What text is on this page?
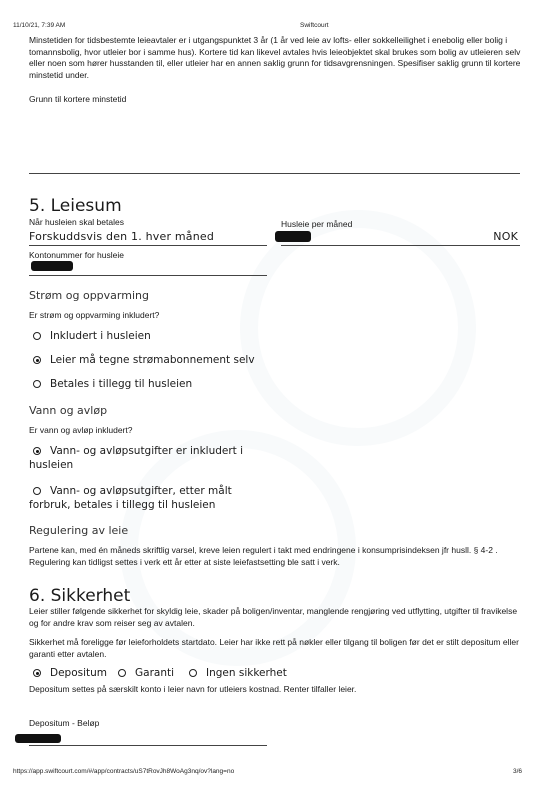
11/10/21, 7:39 AM	Swiftcourt
Minstetiden for tidsbestemte leieavtaler er i utgangspunktet 3 år (1 år ved leie av lofts- eller sokkelleilighet i enebolig eller bolig i tomannsbolig, hvor utleier bor i samme hus). Kortere tid kan likevel avtales hvis leieobjektet skal brukes som bolig av utleieren selv eller noen som hører husstanden til, eller utleier har en annen saklig grunn for tidsavgrensningen. Spesifiser saklig grunn til kortere minstetid under.
Grunn til kortere minstetid
5. Leiesum
Når husleien skal betales
Forskuddsvis den 1. hver måned
Husleie per måned
NOK
Kontonummer for husleie
Strøm og oppvarming
Er strøm og oppvarming inkludert?
Inkludert i husleien
Leier må tegne strømabonnement selv
Betales i tillegg til husleien
Vann og avløp
Er vann og avløp inkludert?
Vann- og avløpsutgifter er inkludert i husleien
Vann- og avløpsutgifter, etter målt forbruk, betales i tillegg til husleien
Regulering av leie
Partene kan, med én måneds skriftlig varsel, kreve leien regulert i takt med endringene i konsumprisindeksen jfr husll. § 4-2 . Regulering kan tidligst settes i verk ett år etter at siste leiefastsetting ble satt i verk.
6. Sikkerhet
Leier stiller følgende sikkerhet for skyldig leie, skader på boligen/inventar, manglende rengjøring ved utflytting, utgifter til fravikelse og for andre krav som reiser seg av avtalen.
Sikkerhet må foreligge før leieforholdets startdato. Leier har ikke rett på nøkler eller tilgang til boligen før det er stilt depositum eller garanti etter avtalen.
Depositum	Garanti	Ingen sikkerhet
Depositum settes på særskilt konto i leier navn for utleiers kostnad. Renter tilfaller leier.
Depositum - Beløp
https://app.swiftcourt.com/#/app/contracts/uS7tRovJh8WoAg3nq/ov?lang=no	3/6
